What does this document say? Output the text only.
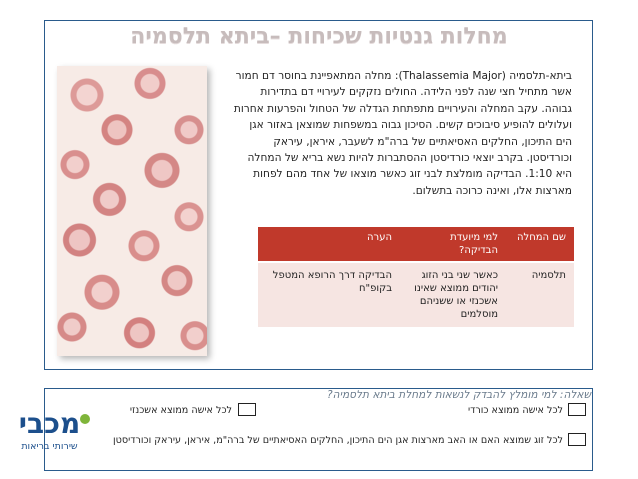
מחלות גנטיות שכיחות –ביתא תלסמיה
ביתא-תלסמיה (Thalassemia Major): מחלה המתאפיינת בחוסר דם חמור אשר מתחיל חצי שנה לפני הלידה. החולים נזקקים לעירויי דם בתדירות גבוהה. עקב המחלה והעירויים מתפתחת הגדלה של הטחול והפרעות אחרות ועלולים להופיע סיבוכים קשים. הסיכון גבוה במשפחות שמוצאן באזור אגן הים התיכון, החלקים האסיאתיים של ברה"מ לשעבר, איראן, עיראק וכורדיסטן. בקרב יוצאי כורדיסטן ההסתברות להיות נשא בריא של המחלה היא 1:10. הבדיקה מומלצת לבני זוג כאשר מוצאו של אחד מהם לפחות מארצות אלו, ואינה כרוכה בתשלום.
שם המחלה	למי מיועדת הבדיקה?	הערה
תלסמיה	כאשר שני בני הזוג יהודים ממוצא שאינו אשכנזי או ששניהם מוסלמים	הבדיקה דרך הרופא המטפל בקופ"ח
שאלה: למי מומלץ להבדק לנשאות למחלת ביתא תלסמיה?
לכל אישה ממוצא כורדי
לכל אישה ממוצא אשכנזי
לכל זוג שמוצא האם או האב מארצות אגן הים התיכון, החלקים האסיאתיים של ברה"מ, איראן, עיראק וכורדיסטן
מכבי
שירותי בריאות
